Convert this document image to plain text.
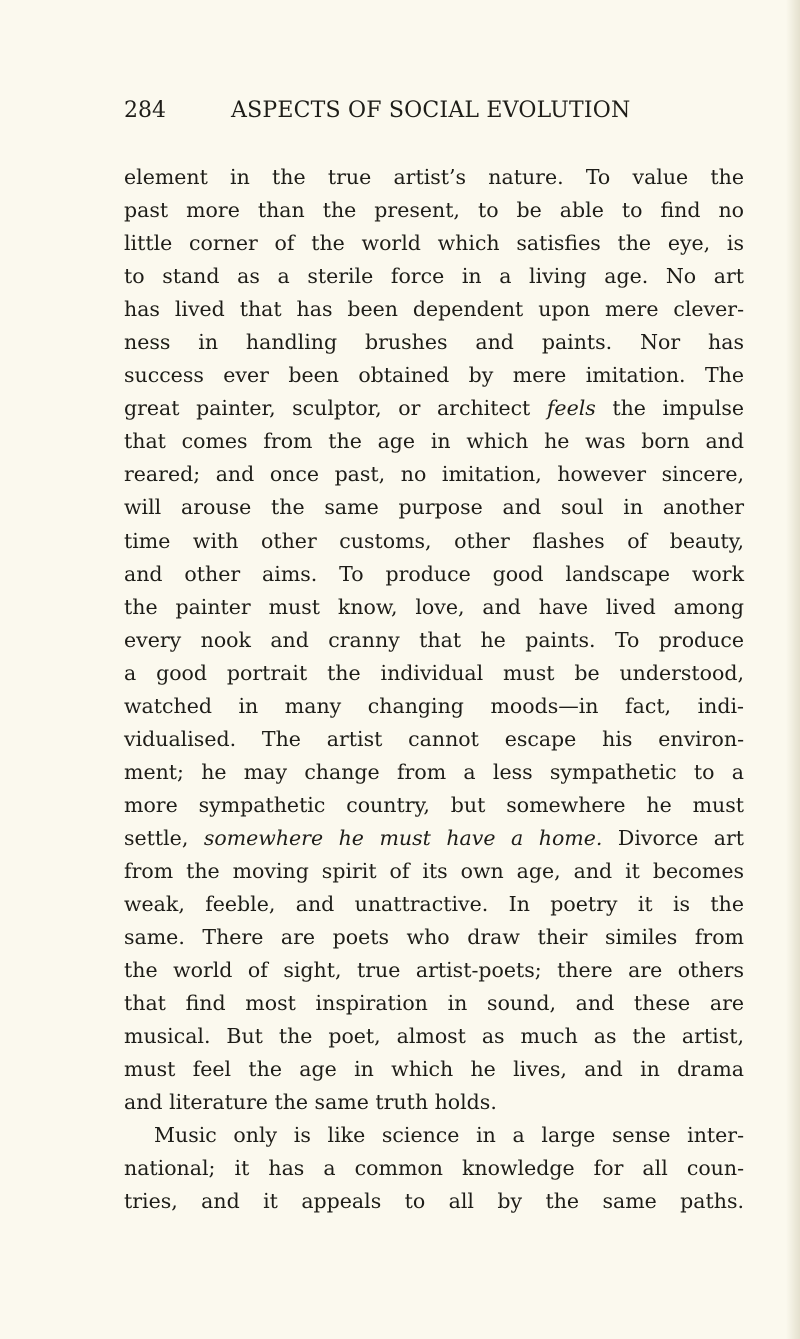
284	ASPECTS OF SOCIAL EVOLUTION
element in the true artist’s nature. To value the
past more than the present, to be able to find no
little corner of the world which satisfies the eye, is
to stand as a sterile force in a living age. No art
has lived that has been dependent upon mere clever-
ness in handling brushes and paints. Nor has
success ever been obtained by mere imitation. The
great painter, sculptor, or architect feels the impulse
that comes from the age in which he was born and
reared; and once past, no imitation, however sincere,
will arouse the same purpose and soul in another
time with other customs, other flashes of beauty,
and other aims. To produce good landscape work
the painter must know, love, and have lived among
every nook and cranny that he paints. To produce
a good portrait the individual must be understood,
watched in many changing moods—in fact, indi-
vidualised. The artist cannot escape his environ-
ment; he may change from a less sympathetic to a
more sympathetic country, but somewhere he must
settle, somewhere he must have a home. Divorce art
from the moving spirit of its own age, and it becomes
weak, feeble, and unattractive. In poetry it is the
same. There are poets who draw their similes from
the world of sight, true artist-poets; there are others
that find most inspiration in sound, and these are
musical. But the poet, almost as much as the artist,
must feel the age in which he lives, and in drama
and literature the same truth holds.
Music only is like science in a large sense inter-
national; it has a common knowledge for all coun-
tries, and it appeals to all by the same paths.
